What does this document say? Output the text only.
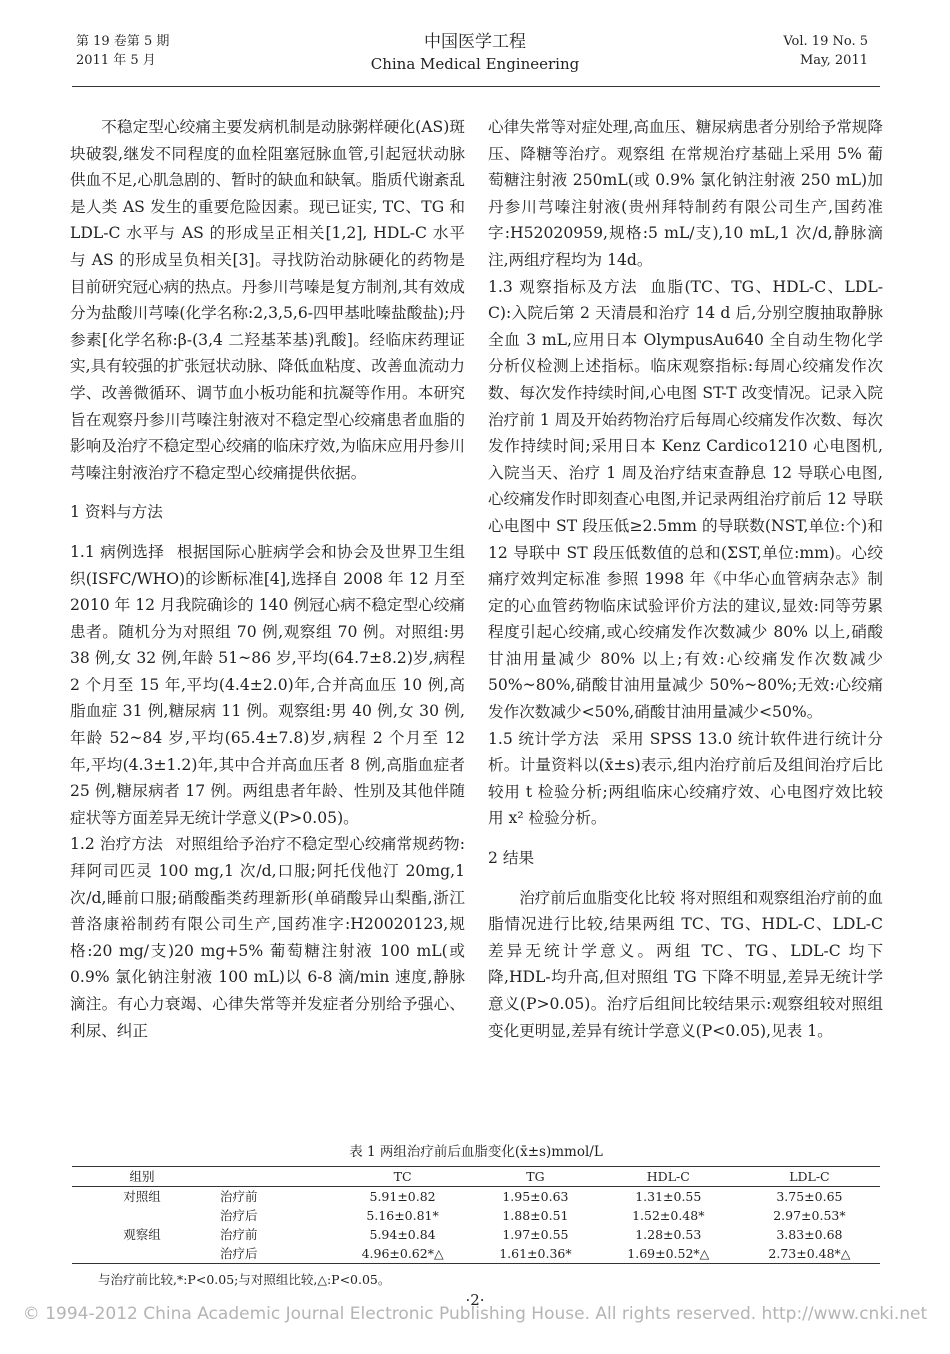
第 19 卷第 5 期
2011 年 5 月
中国医学工程
China Medical Engineering
Vol. 19 No. 5
May, 2011

不稳定型心绞痛主要发病机制是动脉粥样硬化(AS)斑块破裂,继发不同程度的血栓阻塞冠脉血管,引起冠状动脉供血不足,心肌急剧的、暂时的缺血和缺氧。脂质代谢紊乱是人类 AS 发生的重要危险因素。现已证实, TC、TG 和 LDL-C 水平与 AS 的形成呈正相关[1,2], HDL-C 水平与 AS 的形成呈负相关[3]。寻找防治动脉硬化的药物是目前研究冠心病的热点。丹参川芎嗪是复方制剂,其有效成分为盐酸川芎嗪(化学名称:2,3,5,6-四甲基吡嗪盐酸盐);丹参素[化学名称:β-(3,4 二羟基苯基)乳酸]。经临床药理证实,具有较强的扩张冠状动脉、降低血粘度、改善血流动力学、改善微循环、调节血小板功能和抗凝等作用。本研究旨在观察丹参川芎嗪注射液对不稳定型心绞痛患者血脂的影响及治疗不稳定型心绞痛的临床疗效,为临床应用丹参川芎嗪注射液治疗不稳定型心绞痛提供依据。

1 资料与方法

1.1 病例选择 根据国际心脏病学会和协会及世界卫生组织(ISFC/WHO)的诊断标准[4],选择自 2008 年 12 月至 2010 年 12 月我院确诊的 140 例冠心病不稳定型心绞痛患者。随机分为对照组 70 例,观察组 70 例。对照组:男 38 例,女 32 例,年龄 51~86 岁,平均(64.7±8.2)岁,病程 2 个月至 15 年,平均(4.4±2.0)年,合并高血压 10 例,高脂血症 31 例,糖尿病 11 例。观察组:男 40 例,女 30 例,年龄 52~84 岁,平均(65.4±7.8)岁,病程 2 个月至 12 年,平均(4.3±1.2)年,其中合并高血压者 8 例,高脂血症者 25 例,糖尿病者 17 例。两组患者年龄、性别及其他伴随症状等方面差异无统计学意义(P>0.05)。

1.2 治疗方法 对照组给予治疗不稳定型心绞痛常规药物:拜阿司匹灵 100 mg,1 次/d,口服;阿托伐他汀 20mg,1 次/d,睡前口服;硝酸酯类药理新形(单硝酸异山梨酯,浙江普洛康裕制药有限公司生产,国药准字:H20020123,规格:20 mg/支)20 mg+5% 葡萄糖注射液 100 mL(或 0.9% 氯化钠注射液 100 mL)以 6-8 滴/min 速度,静脉滴注。有心力衰竭、心律失常等并发症者分别给予强心、利尿、纠正

心律失常等对症处理,高血压、糖尿病患者分别给予常规降压、降糖等治疗。观察组 在常规治疗基础上采用 5% 葡萄糖注射液 250mL(或 0.9% 氯化钠注射液 250 mL)加丹参川芎嗪注射液(贵州拜特制药有限公司生产,国药准字:H52020959,规格:5 mL/支),10 mL,1 次/d,静脉滴注,两组疗程均为 14d。

1.3 观察指标及方法 血脂(TC、TG、HDL-C、LDL-C):入院后第 2 天清晨和治疗 14 d 后,分别空腹抽取静脉全血 3 mL,应用日本 OlympusAu640 全自动生物化学分析仪检测上述指标。临床观察指标:每周心绞痛发作次数、每次发作持续时间,心电图 ST-T 改变情况。记录入院治疗前 1 周及开始药物治疗后每周心绞痛发作次数、每次发作持续时间;采用日本 Kenz Cardico1210 心电图机,入院当天、治疗 1 周及治疗结束查静息 12 导联心电图,心绞痛发作时即刻查心电图,并记录两组治疗前后 12 导联心电图中 ST 段压低≥2.5mm 的导联数(NST,单位:个)和 12 导联中 ST 段压低数值的总和(ΣST,单位:mm)。心绞痛疗效判定标准 参照 1998 年《中华心血管病杂志》制定的心血管药物临床试验评价方法的建议,显效:同等劳累程度引起心绞痛,或心绞痛发作次数减少 80% 以上,硝酸甘油用量减少 80% 以上;有效:心绞痛发作次数减少 50%~80%,硝酸甘油用量减少 50%~80%;无效:心绞痛发作次数减少<50%,硝酸甘油用量减少<50%。

1.5 统计学方法 采用 SPSS 13.0 统计软件进行统计分析。计量资料以(x̄±s)表示,组内治疗前后及组间治疗后比较用 t 检验分析;两组临床心绞痛疗效、心电图疗效比较用 x² 检验分析。

2 结果

治疗前后血脂变化比较 将对照组和观察组治疗前的血脂情况进行比较,结果两组 TC、TG、HDL-C、LDL-C 差异无统计学意义。两组 TC、TG、LDL-C 均下降,HDL-均升高,但对照组 TG 下降不明显,差异无统计学意义(P>0.05)。治疗后组间比较结果示:观察组较对照组变化更明显,差异有统计学意义(P<0.05),见表 1。

表 1 两组治疗前后血脂变化(x̄±s)mmol/L
组别		TC	TG	HDL-C	LDL-C
对照组	治疗前	5.91±0.82	1.95±0.63	1.31±0.55	3.75±0.65
	治疗后	5.16±0.81*	1.88±0.51	1.52±0.48*	2.97±0.53*
观察组	治疗前	5.94±0.84	1.97±0.55	1.28±0.53	3.83±0.68
	治疗后	4.96±0.62*△	1.61±0.36*	1.69±0.52*△	2.73±0.48*△
与治疗前比较,*:P<0.05;与对照组比较,△:P<0.05。
·2·
© 1994-2012 China Academic Journal Electronic Publishing House. All rights reserved. http://www.cnki.net
